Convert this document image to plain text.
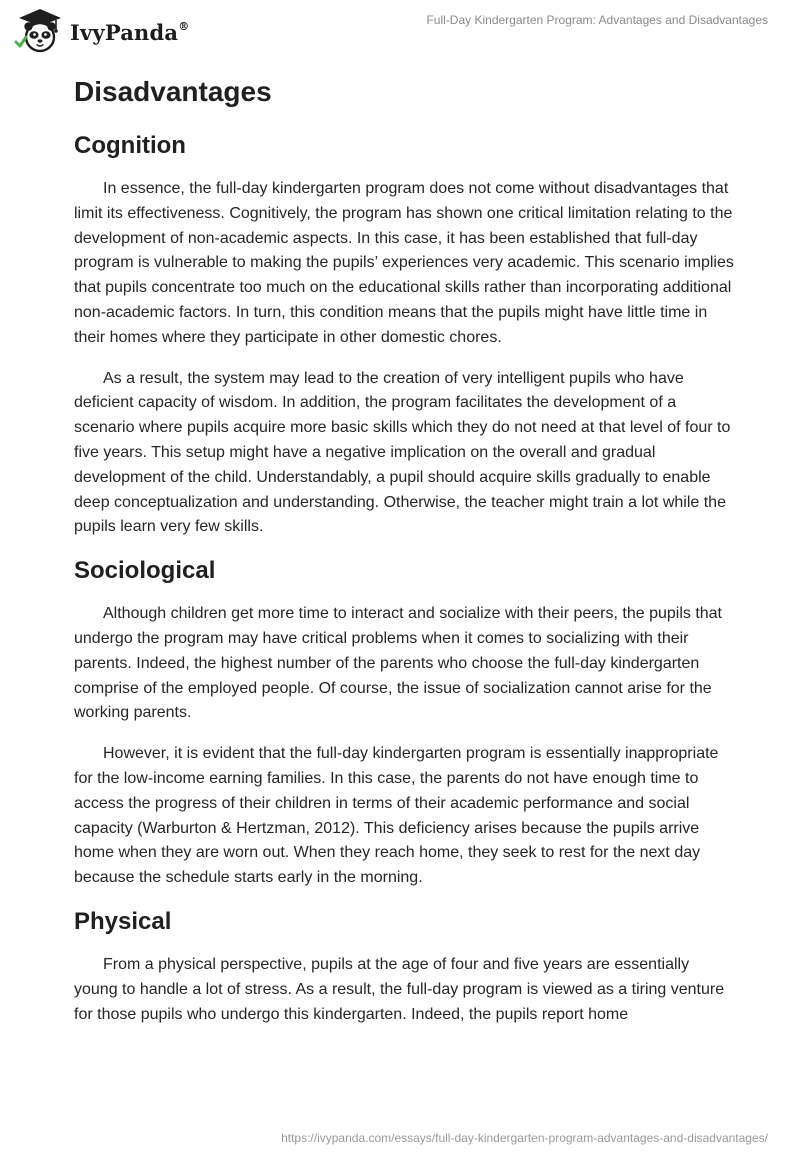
IvyPanda®	Full-Day Kindergarten Program: Advantages and Disadvantages
Disadvantages
Cognition

In essence, the full-day kindergarten program does not come without disadvantages that limit its effectiveness. Cognitively, the program has shown one critical limitation relating to the development of non-academic aspects. In this case, it has been established that full-day program is vulnerable to making the pupils’ experiences very academic. This scenario implies that pupils concentrate too much on the educational skills rather than incorporating additional non-academic factors. In turn, this condition means that the pupils might have little time in their homes where they participate in other domestic chores.

As a result, the system may lead to the creation of very intelligent pupils who have deficient capacity of wisdom. In addition, the program facilitates the development of a scenario where pupils acquire more basic skills which they do not need at that level of four to five years. This setup might have a negative implication on the overall and gradual development of the child. Understandably, a pupil should acquire skills gradually to enable deep conceptualization and understanding. Otherwise, the teacher might train a lot while the pupils learn very few skills.

Sociological

Although children get more time to interact and socialize with their peers, the pupils that undergo the program may have critical problems when it comes to socializing with their parents. Indeed, the highest number of the parents who choose the full-day kindergarten comprise of the employed people. Of course, the issue of socialization cannot arise for the working parents.

However, it is evident that the full-day kindergarten program is essentially inappropriate for the low-income earning families. In this case, the parents do not have enough time to access the progress of their children in terms of their academic performance and social capacity (Warburton & Hertzman, 2012). This deficiency arises because the pupils arrive home when they are worn out. When they reach home, they seek to rest for the next day because the schedule starts early in the morning.

Physical

From a physical perspective, pupils at the age of four and five years are essentially young to handle a lot of stress. As a result, the full-day program is viewed as a tiring venture for those pupils who undergo this kindergarten. Indeed, the pupils report home

https://ivypanda.com/essays/full-day-kindergarten-program-advantages-and-disadvantages/
